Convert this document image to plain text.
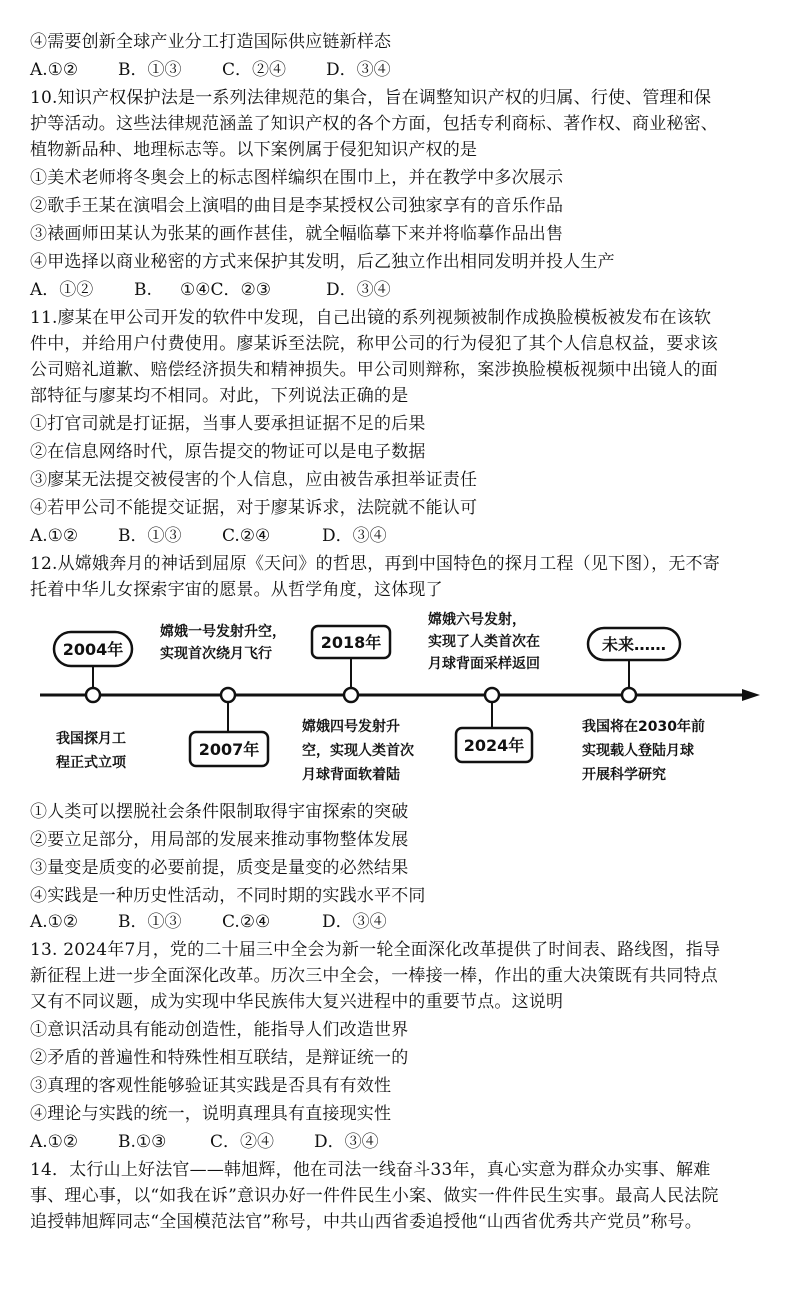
④需要创新全球产业分工打造国际供应链新样态
A.①② B．①③ C．②④ D．③④
10.知识产权保护法是一系列法律规范的集合，旨在调整知识产权的归属、行使、管理和保
护等活动。这些法律规范涵盖了知识产权的各个方面，包括专利商标、著作权、商业秘密、
植物新品种、地理标志等。以下案例属于侵犯知识产权的是
①美术老师将冬奥会上的标志图样编织在围巾上，并在教学中多次展示
②歌手王某在演唱会上演唱的曲目是李某授权公司独家享有的音乐作品
③裱画师田某认为张某的画作甚佳，就全幅临摹下来并将临摹作品出售
④甲选择以商业秘密的方式来保护其发明，后乙独立作出相同发明并投人生产
A．①② B. ①④C．②③	D．③④
11.廖某在甲公司开发的软件中发现，自己出镜的系列视频被制作成换脸模板被发布在该软
件中，并给用户付费使用。廖某诉至法院，称甲公司的行为侵犯了其个人信息权益，要求该
公司赔礼道歉、赔偿经济损失和精神损失。甲公司则辩称，案涉换脸模板视频中出镜人的面
部特征与廖某均不相同。对此，下列说法正确的是
①打官司就是打证据，当事人要承担证据不足的后果
②在信息网络时代，原告提交的物证可以是电子数据
③廖某无法提交被侵害的个人信息，应由被告承担举证责任
④若甲公司不能提交证据，对于廖某诉求，法院就不能认可
A.①② B．①③ C.②④	D．③④
12.从嫦娥奔月的神话到屈原《天问》的哲思，再到中国特色的探月工程（见下图），无不寄
托着中华儿女探索宇宙的愿景。从哲学角度，这体现了
2004年
我国探月工
程正式立项
嫦娥一号发射升空，
实现首次绕月飞行
2007年
2018年
嫦娥四号发射升
空，实现人类首次
月球背面软着陆
嫦娥六号发射，
实现了人类首次在
月球背面采样返回
2024年
未来……
我国将在2030年前
实现载人登陆月球
开展科学研究
①人类可以摆脱社会条件限制取得宇宙探索的突破
②要立足部分，用局部的发展来推动事物整体发展
③量变是质变的必要前提，质变是量变的必然结果
④实践是一种历史性活动，不同时期的实践水平不同
A.①② B．①③ C.②④	D．③④
13. 2024年7月，党的二十届三中全会为新一轮全面深化改革提供了时间表、路线图，指导
新征程上进一步全面深化改革。历次三中全会，一棒接一棒，作出的重大决策既有共同特点
又有不同议题，成为实现中华民族伟大复兴进程中的重要节点。这说明
①意识活动具有能动创造性，能指导人们改造世界
②矛盾的普遍性和特殊性相互联结，是辩证统一的
③真理的客观性能够验证其实践是否具有有效性
④理论与实践的统一，说明真理具有直接现实性
A.①② B.①③	C．②④ D．③④
14．太行山上好法官——韩旭辉，他在司法一线奋斗33年，真心实意为群众办实事、解难
事、理心事，以“如我在诉”意识办好一件件民生小案、做实一件件民生实事。最高人民法院
追授韩旭辉同志“全国模范法官”称号，中共山西省委追授他“山西省优秀共产党员”称号。
